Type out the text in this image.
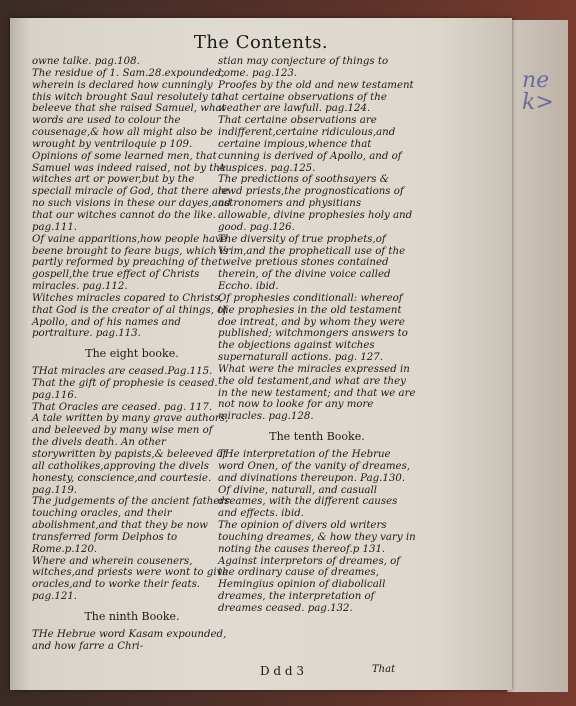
ne
k>
The Contents.

owne talke. pag.108.

The residue of 1. Sam.28.expounded, wherein is declared how cunningly this witch brought Saul resolutely to beleeve that she raised Samuel, what words are used to colour the cousenage,& how all might also be wrought by ventriloquie p 109.

Opinions of some learned men, that Samuel was indeed raised, not by the witches art or power,but by the speciall miracle of God, that there are no such visions in these our dayes,and that our witches cannot do the like. pag.111.

Of vaine apparitions,how people have beene brought to feare bugs, which is partly reformed by preaching of the gospell,the true effect of Christs miracles. pag.112.

Witches miracles copared to Christs, that God is the creator of al things, of Apollo, and of his names and portraiture. pag.113.

The eight booke.

THat miracles are ceased.Pag.115. That the gift of prophesie is ceased. pag.116.

That Oracles are ceased. pag. 117.

A tale written by many grave authors, and beleeved by many wise men of the divels death. An other storywritten by papists,& beleeved of all catholikes,approving the divels honesty, conscience,and courtesie. pag.119.

The judgements of the ancient fathers touching oracles, and their abolishment,and that they be now transferred form Delphos to Rome.p.120.

Where and wherein couseners, witches,and priests were wont to give oracles,and to worke their feats. pag.121.

The ninth Booke.

THe Hebrue word Kasam expounded, and how farre a Chri-

stian may conjecture of things to come. pag.123.

Proofes by the old and new testament that certaine observations of the weather are lawfull. pag.124.

That certaine observations are indifferent,certaine ridiculous,and certaine impious,whence that cunning is derived of Apollo, and of Auspices. pag.125.

The predictions of soothsayers & lewd priests,the prognostications of astronomers and physitians allowable, divine prophesies holy and good. pag.126.

The diversity of true prophets,of Vrim,and the propheticall use of the twelve pretious stones contained therein, of the divine voice called Eccho. ibid.

Of prophesies conditionall: whereof the prophesies in the old testament doe intreat, and by whom they were published; witchmongers answers to the objections against witches supernaturall actions. pag. 127.

What were the miracles expressed in the old testament,and what are they in the new testament; and that we are not now to looke for any more miracles. pag.128.

The tenth Booke.

THe interpretation of the Hebrue word Onen, of the vanity of dreames, and divinations thereupon. Pag.130.

Of divine, naturall, and casuall dreames, with the different causes and effects. ibid.

The opinion of divers old writers touching dreames, & how they vary in noting the causes thereof.p 131.

Against interpretors of dreames, of the ordinary cause of dreames, Hemingius opinion of diabolicall dreames, the interpretation of dreames ceased. pag.132.

D d d 3	That
